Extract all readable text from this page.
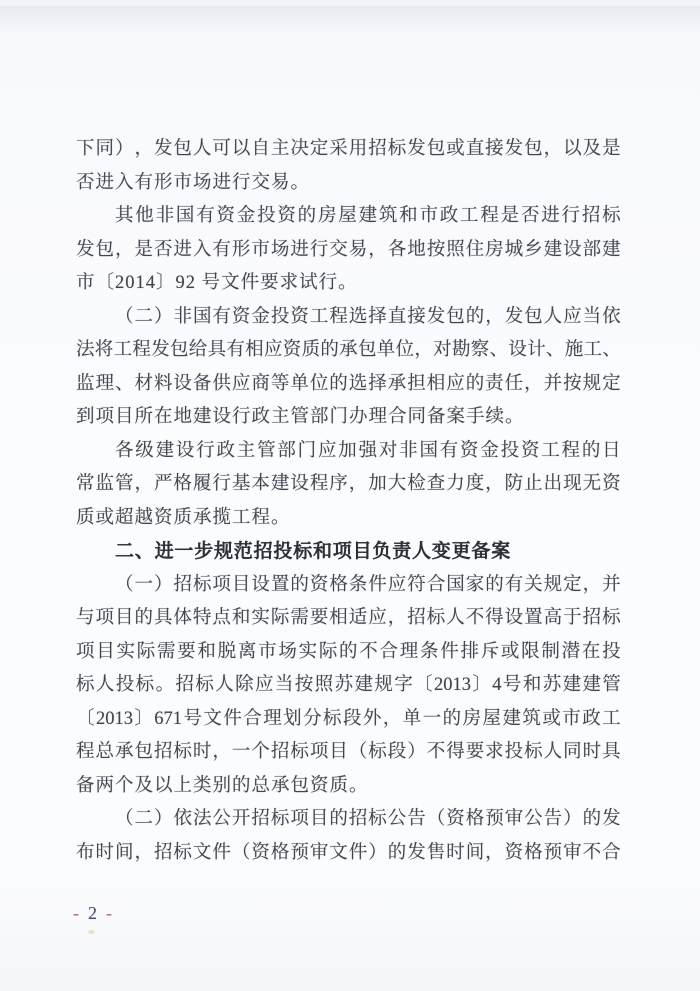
下 同 ） ， 发 包 人 可 以 自 主 决 定 采 用 招 标 发 包 或 直 接 发 包 ， 以 及 是
否进入有形市场进行交易。
其 他 非 国 有 资 金 投 资 的 房 屋 建 筑 和 市 政 工 程 是 否 进 行 招 标
发 包 ， 是 否 进 入 有 形 市 场 进 行 交 易 ， 各 地 按 照 住 房 城 乡 建 设 部 建
市〔2014〕92 号文件要求试行。
（ 二 ） 非 国 有 资 金 投 资 工 程 选 择 直 接 发 包 的 ， 发 包 人 应 当 依
法 将 工 程 发 包 给 具 有 相 应 资 质 的 承 包 单 位 ， 对 勘 察 、 设 计 、 施 工 、
监 理 、 材 料 设 备 供 应 商 等 单 位 的 选 择 承 担 相 应 的 责 任 ， 并 按 规 定
到项目所在地建设行政主管部门办理合同备案手续。
各 级 建 设 行 政 主 管 部 门 应 加 强 对 非 国 有 资 金 投 资 工 程 的 日
常 监 管 ， 严 格 履 行 基 本 建 设 程 序 ， 加 大 检 查 力 度 ， 防 止 出 现 无 资
质或超越资质承揽工程。
二、进一步规范招投标和项目负责人变更备案
（ 一 ） 招 标 项 目 设 置 的 资 格 条 件 应 符 合 国 家 的 有 关 规 定 ， 并
与 项 目 的 具 体 特 点 和 实 际 需 要 相 适 应 ， 招 标 人 不 得 设 置 高 于 招 标
项 目 实 际 需 要 和 脱 离 市 场 实 际 的 不 合 理 条 件 排 斥 或 限 制 潜 在 投
标 人 投 标 。 招 标 人 除 应 当 按 照 苏 建 规 字 〔 2013 〕 4 号 和 苏 建 建 管
〔 2013 〕 671 号 文 件 合 理 划 分 标 段 外 ， 单 一 的 房 屋 建 筑 或 市 政 工
程 总 承 包 招 标 时 ， 一 个 招 标 项 目 （ 标 段 ） 不 得 要 求 投 标 人 同 时 具
备两个及以上类别的总承包资质。
（ 二 ） 依 法 公 开 招 标 项 目 的 招 标 公 告 （ 资 格 预 审 公 告 ） 的 发
布 时 间 ， 招 标 文 件 （ 资 格 预 审 文 件 ） 的 发 售 时 间 ， 资 格 预 审 不 合
- 2 -
